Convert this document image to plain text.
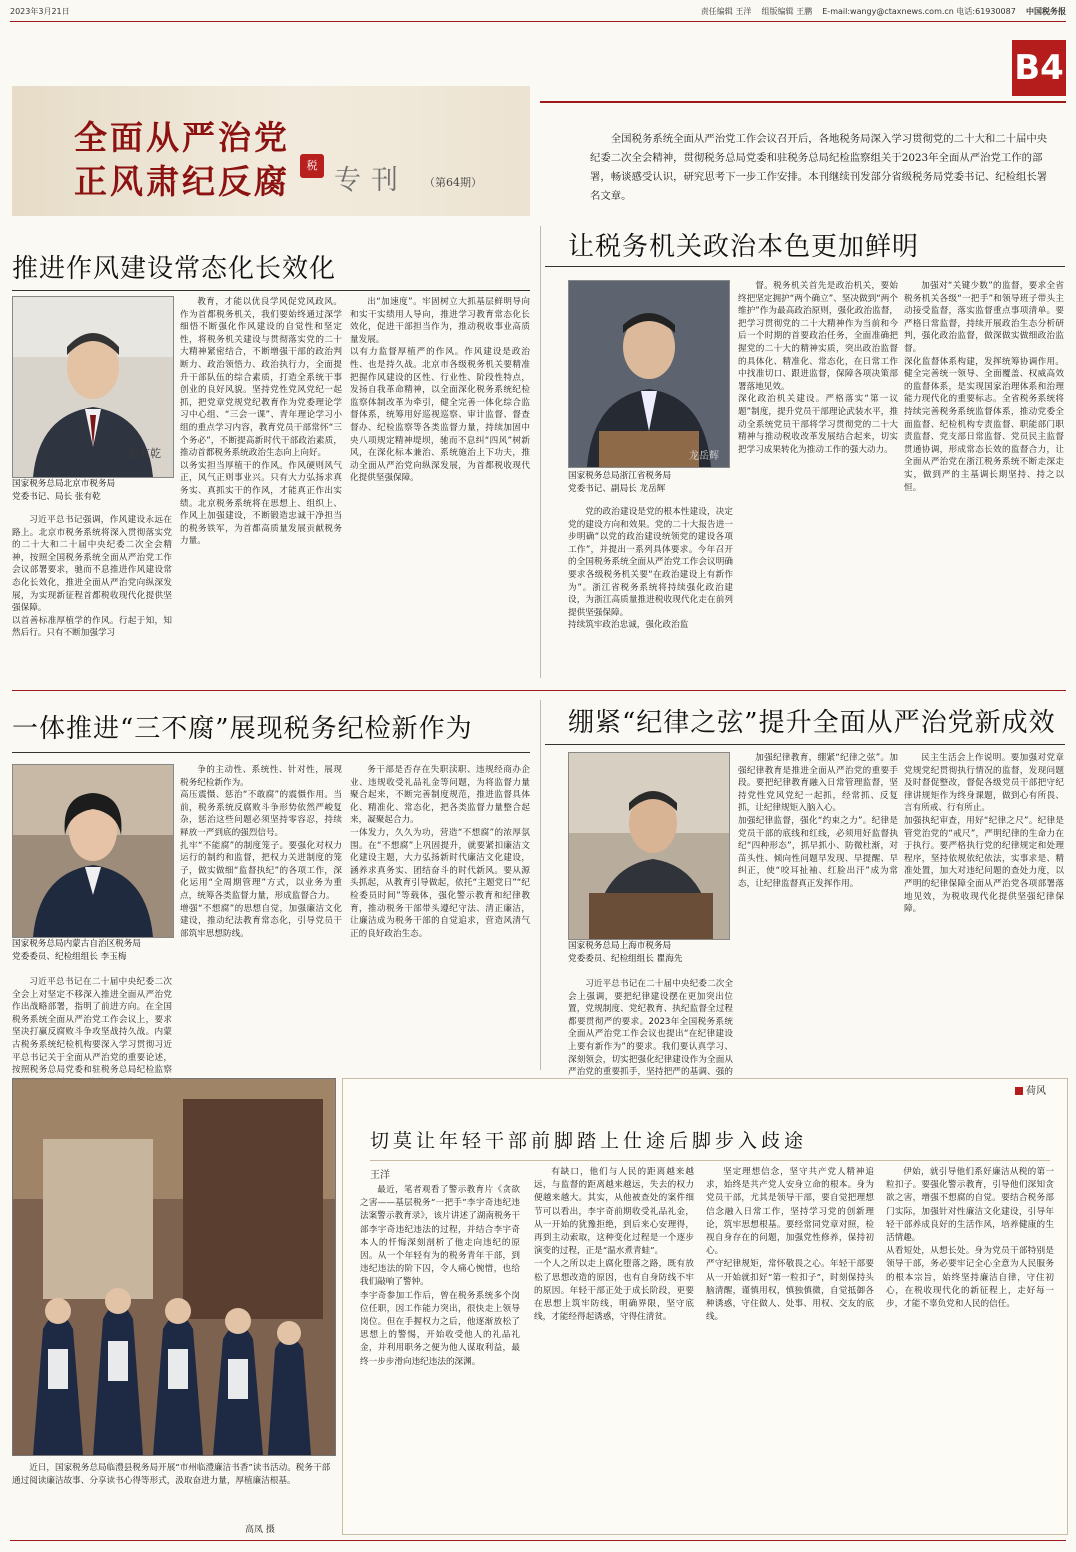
2023年3月21日	责任编辑 王洋 组版编辑 王鹏 E-mail:wangy@ctaxnews.com.cn 电话:61930087 中国税务报
B4
全面从严治党
正风肃纪反腐	税 专刊 （第64期）
全国税务系统全面从严治党工作会议召开后，各地税务局深入学习贯彻党的二十大和二十届中央纪委二次全会精神，贯彻税务总局党委和驻税务总局纪检监察组关于2023年全面从严治党工作的部署，畅谈感受认识，研究思考下一步工作安排。本刊继续刊发部分省级税务局党委书记、纪检组长署名文章。
推进作风建设常态化长效化
张有乾
国家税务总局北京市税务局
党委书记、局长 张有乾
习近平总书记强调，作风建设永远在路上。北京市税务系统将深入贯彻落实党的二十大和二十届中央纪委二次全会精神，按照全国税务系统全面从严治党工作会议部署要求，驰而不息推进作风建设常态化长效化，推进全面从严治党向纵深发展，为实现新征程首都税收现代化提供坚强保障。
以首善标准厚植学的作风。行起于知，知然后行。只有不断加强学习
教育，才能以优良学风促党风政风。作为首都税务机关，我们要始终通过深学细悟不断强化作风建设的自觉性和坚定性，将税务机关建设与贯彻落实党的二十大精神紧密结合，不断增强干部的政治判断力、政治领悟力、政治执行力，全面提升干部队伍的综合素质，打造全系统干事创业的良好风貌。坚持党性党风党纪一起抓，把党章党规党纪教育作为党委理论学习中心组、“三会一课”、青年理论学习小组的重点学习内容，教育党员干部常怀“三个务必”，不断提高新时代干部政治素质，推动首都税务系统政治生态向上向好。
以务实担当厚植干的作风。作风硬则风气正，风气正则事业兴。只有大力弘扬求真务实、真抓实干的作风，才能真正作出实绩。北京税务系统将在思想上、组织上、作风上加强建设，不断锻造忠诚干净担当的税务铁军，为首都高质量发展贡献税务力量。
出“加速度”。牢固树立大抓基层鲜明导向和实干实绩用人导向，推进学习教育常态化长效化，促进干部担当作为，推动税收事业高质量发展。
以有力监督厚植严的作风。作风建设是政治性、也是持久战。北京市各级税务机关要精准把握作风建设的区性、行业性、阶段性特点，发扬自我革命精神，以全面深化税务系统纪检监察体制改革为牵引，健全完善一体化综合监督体系，统筹用好巡视巡察、审计监督、督查督办、纪检监察等各类监督力量，持续加固中央八项规定精神堤坝，驰而不息纠“四风”树新风，在深化标本兼治、系统施治上下功夫，推动全面从严治党向纵深发展，为首都税收现代化提供坚强保障。
让税务机关政治本色更加鲜明
龙岳辉
国家税务总局浙江省税务局
党委书记、副局长 龙岳辉
党的政治建设是党的根本性建设，决定党的建设方向和效果。党的二十大报告进一步明确“以党的政治建设统领党的建设各项工作”，并提出一系列具体要求。今年召开的全国税务系统全面从严治党工作会议明确要求各级税务机关要“在政治建设上有新作为”。浙江省税务系统将持续强化政治建设，为浙江高质量推进税收现代化走在前列提供坚强保障。
持续筑牢政治忠诚，强化政治监
督。税务机关首先是政治机关，要始终把坚定拥护“两个确立”、坚决做到“两个维护”作为最高政治原则，强化政治监督，把学习贯彻党的二十大精神作为当前和今后一个时期的首要政治任务，全面准确把握党的二十大的精神实质，突出政治监督的具体化、精准化、常态化，在日常工作中找准切口、跟进监督，保障各项决策部署落地见效。
深化政治机关建设。严格落实“第一议题”制度，提升党员干部理论武装水平，推动全系统党员干部将学习贯彻党的二十大精神与推动税收改革发展结合起来，切实把学习成果转化为推动工作的强大动力。
加强对“关键少数”的监督，要求全省税务机关各级“一把手”和领导班子带头主动接受监督，落实监督重点事项清单。要严格日常监督，持续开展政治生态分析研判，强化政治监督，做深做实做细政治监督。
深化监督体系构建，发挥统筹协调作用。健全完善统一领导、全面覆盖、权威高效的监督体系，是实现国家治理体系和治理能力现代化的重要标志。全省税务系统将持续完善税务系统监督体系，推动党委全面监督、纪检机构专责监督、职能部门职责监督、党支部日常监督、党员民主监督贯通协调，形成常态长效的监督合力，让全面从严治党在浙江税务系统不断走深走实，做到严的主基调长期坚持、持之以恒。
一体推进“三不腐”展现税务纪检新作为
国家税务总局内蒙古自治区税务局
党委委员、纪检组组长 李玉梅
习近平总书记在二十届中央纪委二次全会上对坚定不移深入推进全面从严治党作出战略部署，指明了前进方向。在全国税务系统全面从严治党工作会议上，要求坚决打赢反腐败斗争攻坚战持久战。内蒙古税务系统纪检机构要深入学习贯彻习近平总书记关于全面从严治党的重要论述，按照税务总局党委和驻税务总局纪检监察
争的主动性、系统性、针对性，展现税务纪检新作为。
高压震慑、惩治“不敢腐”的震慑作用。当前，税务系统反腐败斗争形势依然严峻复杂，惩治这些问题必须坚持零容忍，持续释放一严到底的强烈信号。
扎牢“不能腐”的制度笼子。要强化对权力运行的制约和监督，把权力关进制度的笼子，做实做细“监督执纪”的各项工作，深化运用“全周期管理”方式，以业务为重点，统筹各类监督力量，形成监督合力。
增强“不想腐”的思想自觉，加强廉洁文化建设，推动纪法教育常态化，引导党员干部筑牢思想防线。
务干部是否存在失职渎职、违规经商办企业、违规收受礼品礼金等问题，为将监督力量聚合起来，不断完善制度规范，推进监督具体化、精准化、常态化，把各类监督力量整合起来，凝聚起合力。
一体发力，久久为功，营造“不想腐”的浓厚氛围。在“不想腐”上巩固提升，就要紧扣廉洁文化建设主题，大力弘扬新时代廉洁文化建设，涵养求真务实、团结奋斗的时代新风。要从源头抓起，从教育引导做起，依托“主题党日”“纪检委员时间”等载体，强化警示教育和纪律教育，推动税务干部带头遵纪守法、清正廉洁，让廉洁成为税务干部的自觉追求，营造风清气正的良好政治生态。
绷紧“纪律之弦”提升全面从严治党新成效
国家税务总局上海市税务局
党委委员、纪检组组长 瞿海先
习近平总书记在二十届中央纪委二次全会上强调，要把纪律建设摆在更加突出位置，党规制度、党纪教育、执纪监督全过程都要贯彻严的要求。2023年全国税务系统全面从严治党工作会议也提出“在纪律建设上要有新作为”的要求。我们要认真学习、深刻领会，切实把强化纪律建设作为全面从严治党的重要抓手，坚持把严的基调、强的
加强纪律教育，绷紧“纪律之弦”。加强纪律教育是推进全面从严治党的重要手段。要把纪律教育融入日常管理监督，坚持党性党风党纪一起抓，经常抓、反复抓，让纪律规矩入脑入心。
加强纪律监督，强化“约束之力”。纪律是党员干部的底线和红线，必须用好监督执纪“四种形态”，抓早抓小、防微杜渐，对苗头性、倾向性问题早发现、早提醒、早纠正，使“咬耳扯袖、红脸出汗”成为常态，让纪律监督真正发挥作用。
民主生活会上作说明。要加强对党章党规党纪贯彻执行情况的监督，发现问题及时督促整改，督促各级党员干部把守纪律讲规矩作为终身课题，做到心有所畏、言有所戒、行有所止。
加强执纪审查，用好“纪律之尺”。纪律是管党治党的“戒尺”，严明纪律的生命力在于执行。要严格执行党的纪律规定和处理程序，坚持依规依纪依法，实事求是、精准处置，加大对违纪问题的查处力度，以严明的纪律保障全面从严治党各项部署落地见效，为税收现代化提供坚强纪律保障。
近日，国家税务总局临澧县税务局开展“市州临澧廉洁书香”读书活动。税务干部通过阅读廉洁故事、分享读书心得等形式，汲取奋进力量，厚植廉洁根基。
高凤 摄
荷风
切莫让年轻干部前脚踏上仕途后脚步入歧途
王洋
最近，笔者观看了警示教育片《贪欲之害——基层税务“一把手”李宇奇违纪违法案警示教育录》，该片讲述了湖南税务干部李宇奇违纪违法的过程，并结合李宇奇本人的忏悔深刻剖析了他走向违纪的原因。从一个年轻有为的税务青年干部，到违纪违法的阶下囚，令人痛心惋惜，也给我们敲响了警钟。
李宇奇参加工作后，曾在税务系统多个岗位任职，因工作能力突出，很快走上领导岗位。但在手握权力之后，他逐渐放松了思想上的警惕，开始收受他人的礼品礼金，并利用职务之便为他人谋取利益，最终一步步滑向违纪违法的深渊。
有缺口，他们与人民的距离越来越远，与监督的距离越来越远，失去的权力便越来越大。其实，从他被查处的案件细节可以看出，李宇奇前期收受礼品礼金，从一开始的犹豫拒绝，到后来心安理得，再到主动索取，这种变化过程是一个逐步演变的过程，正是“温水煮青蛙”。
一个人之所以走上腐化堕落之路，既有放松了思想改造的原因，也有自身防线不牢的原因。年轻干部正处于成长阶段，更要在思想上筑牢防线，明确界限，坚守底线，才能经得起诱惑，守得住清贫。
坚定理想信念，坚守共产党人精神追求，始终是共产党人安身立命的根本。身为党员干部，尤其是领导干部，要自觉把理想信念融入日常工作，坚持学习党的创新理论，筑牢思想根基。要经常同党章对照，检视自身存在的问题，加强党性修养，保持初心。
严守纪律规矩，常怀敬畏之心。年轻干部要从一开始就扣好“第一粒扣子”，时刻保持头脑清醒，谨慎用权，慎独慎微，自觉抵御各种诱惑，守住做人、处事、用权、交友的底线。
伊始，就引导他们系好廉洁从税的第一粒扣子。要强化警示教育，引导他们深知贪欲之害，增强不想腐的自觉。要结合税务部门实际，加强针对性廉洁文化建设，引导年轻干部养成良好的生活作风，培养健康的生活情趣。
从看短处，从想长处。身为党员干部特别是领导干部，务必要牢记全心全意为人民服务的根本宗旨，始终坚持廉洁自律，守住初心，在税收现代化的新征程上，走好每一步，才能不辜负党和人民的信任。
